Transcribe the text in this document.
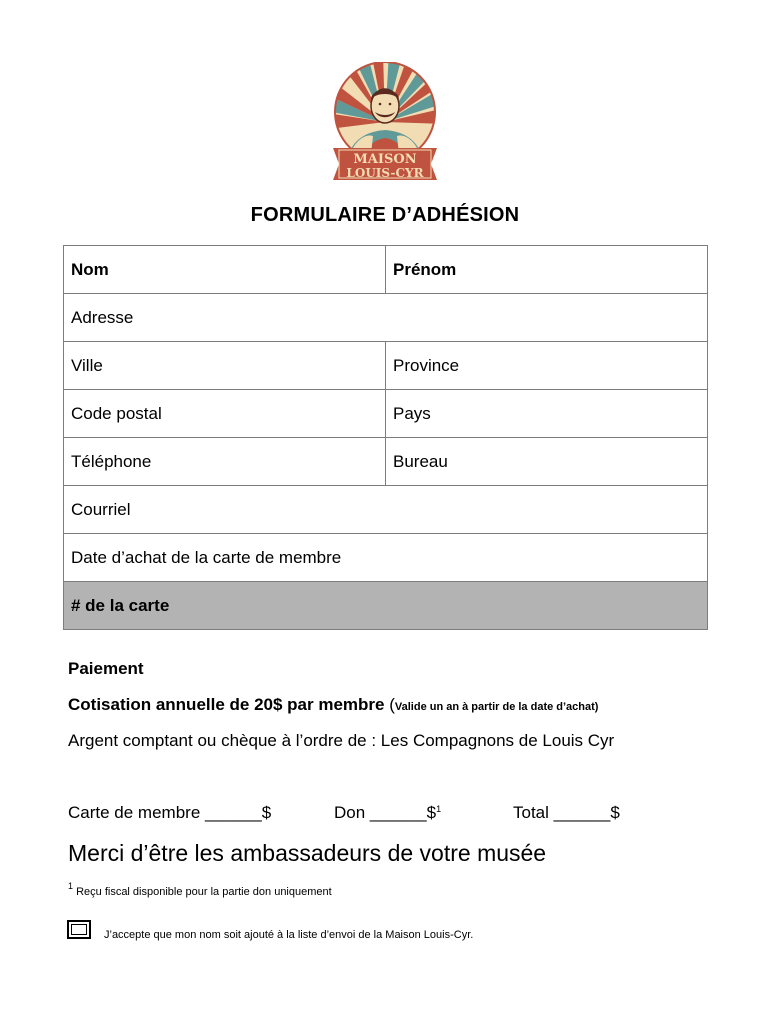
MAISON
LOUIS-CYR
FORMULAIRE D’ADHÉSION
Nom	Prénom
Adresse	
Ville	Province
Code postal	Pays
Téléphone	Bureau
Courriel	
Date d’achat de la carte de membre	
# de la carte	
Paiement
Cotisation annuelle de 20$ par membre (Valide un an à partir de la date d’achat)
Argent comptant ou chèque à l’ordre de : Les Compagnons de Louis Cyr
Carte de membre ______$	Don ______\$$^1$	Total ______$
Merci d’être les ambassadeurs de votre musée
$^1$ Reçu fiscal disponible pour la partie don uniquement
J’accepte que mon nom soit ajouté à la liste d’envoi de la Maison Louis-Cyr.
